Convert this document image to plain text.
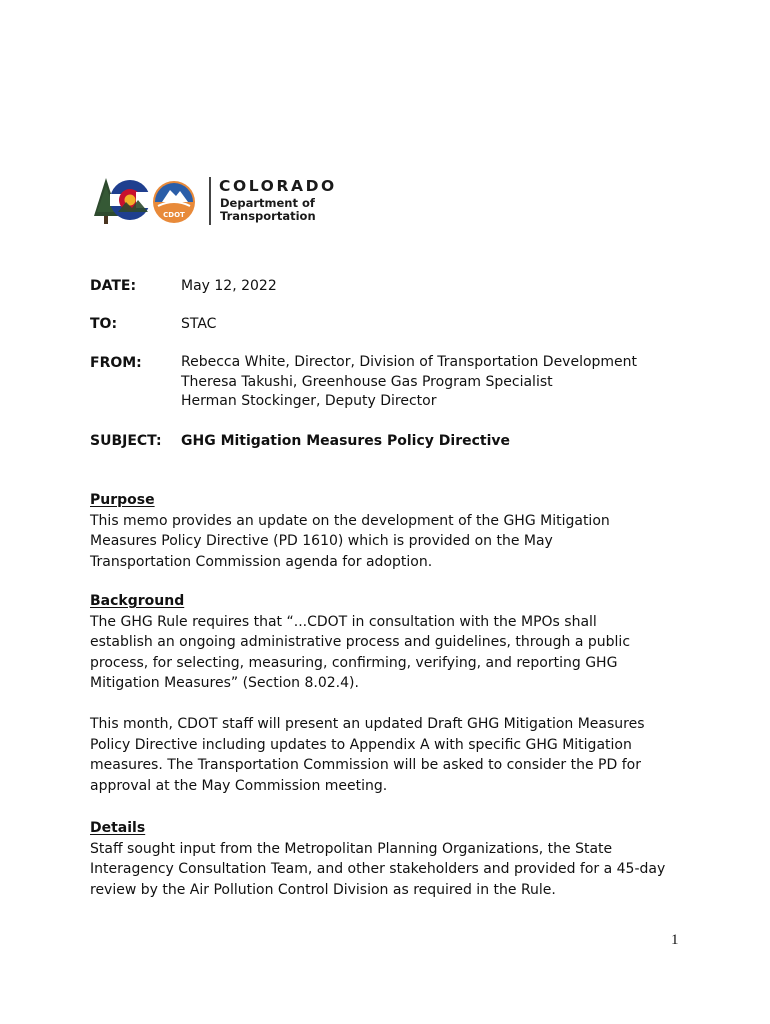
CDOT
COLORADO
Department of
Transportation
DATE:	May 12, 2022
TO:	STAC
FROM:	Rebecca White, Director, Division of Transportation Development
Theresa Takushi, Greenhouse Gas Program Specialist
Herman Stockinger, Deputy Director
SUBJECT: GHG Mitigation Measures Policy Directive
Purpose
This memo provides an update on the development of the GHG Mitigation
Measures Policy Directive (PD 1610) which is provided on the May
Transportation Commission agenda for adoption.
Background
The GHG Rule requires that “...CDOT in consultation with the MPOs shall
establish an ongoing administrative process and guidelines, through a public
process, for selecting, measuring, confirming, verifying, and reporting GHG
Mitigation Measures” (Section 8.02.4).
This month, CDOT staff will present an updated Draft GHG Mitigation Measures
Policy Directive including updates to Appendix A with specific GHG Mitigation
measures. The Transportation Commission will be asked to consider the PD for
approval at the May Commission meeting.
Details
Staff sought input from the Metropolitan Planning Organizations, the State
Interagency Consultation Team, and other stakeholders and provided for a 45-day
review by the Air Pollution Control Division as required in the Rule.
1
